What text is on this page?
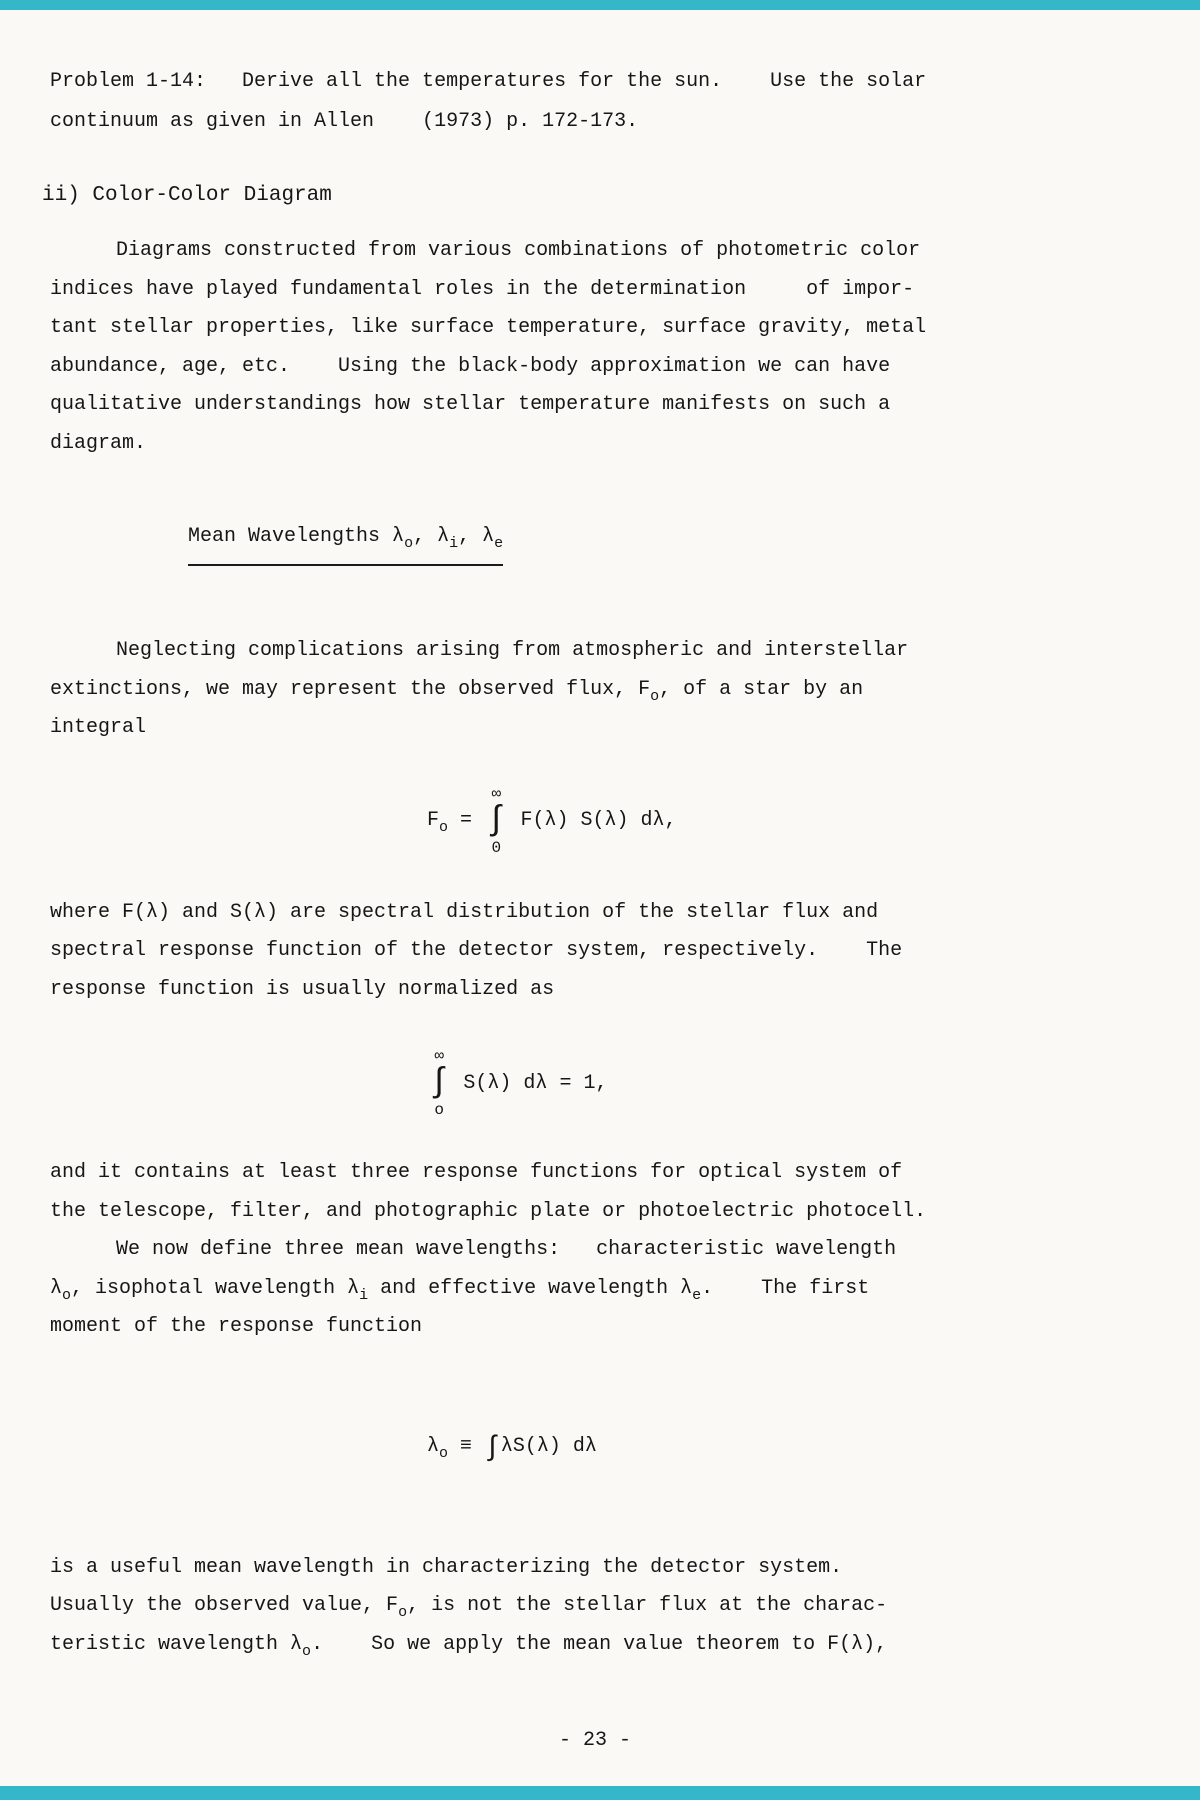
Problem 1-14:   Derive all the temperatures for the sun.    Use the solar
continuum as given in Allen    (1973) p. 172-173.
ii) Color-Color Diagram
Diagrams constructed from various combinations of photometric color
indices have played fundamental roles in the determination     of impor-
tant stellar properties, like surface temperature, surface gravity, metal
abundance, age, etc.    Using the black-body approximation we can have
qualitative understandings how stellar temperature manifests on such a
diagram.

Mean Wavelengths $\lambda_o$, $\lambda_i$, $\lambda_e$

Neglecting complications arising from atmospheric and interstellar
extinctions, we may represent the observed flux, $F_o$, of a star by an
integral

$F_o$ =
∞
∫
0
F(λ) S(λ) dλ,

where F(λ) and S(λ) are spectral distribution of the stellar flux and
spectral response function of the detector system, respectively.    The
response function is usually normalized as

∞
∫
o
S(λ) dλ = 1,

and it contains at least three response functions for optical system of
the telescope, filter, and photographic plate or photoelectric photocell.
We now define three mean wavelengths:   characteristic wavelength
$\lambda_o$, isophotal wavelength $\lambda_i$ and effective wavelength $\lambda_e$.    The first
moment of the response function

$\lambda_o \equiv \int\lambda S(\lambda)$ dλ

is a useful mean wavelength in characterizing the detector system.
Usually the observed value, $F_o$, is not the stellar flux at the charac-
teristic wavelength $\lambda_o$.    So we apply the mean value theorem to F(λ),
- 23 -
